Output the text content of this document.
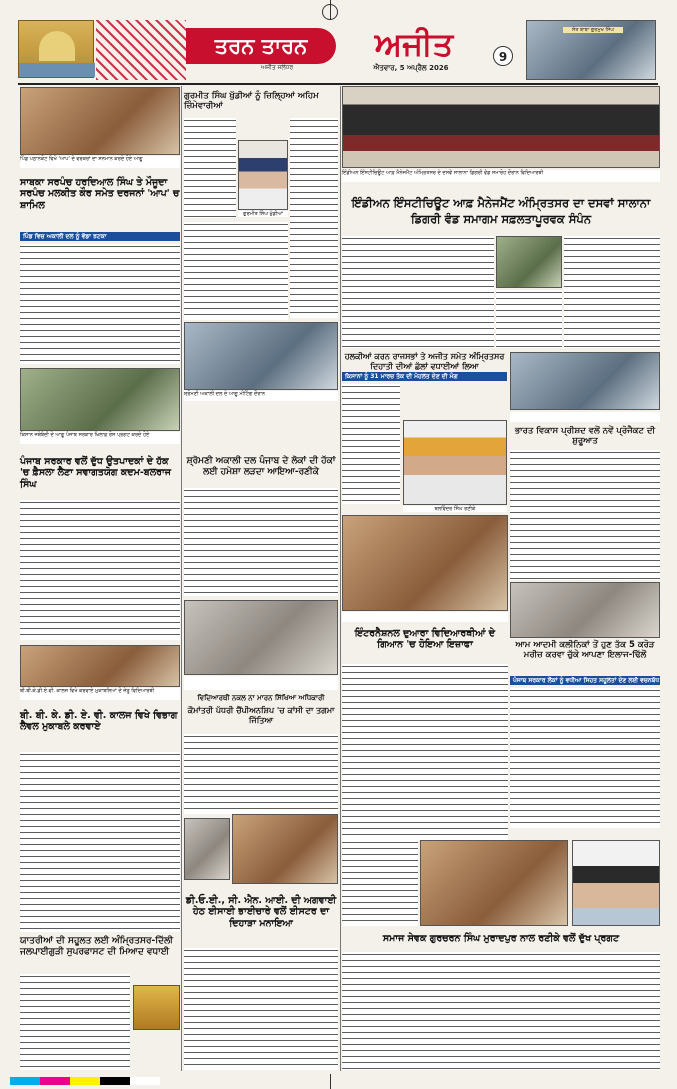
ਤਰਨ ਤਾਰਨ	ਅਜੀਤ
ਅਜੀਤ ਜਲੰਧਰ	ਐਤਵਾਰ, 5 ਅਪ੍ਰੈਲ 2026
9
ਸੰਤ ਬਾਬਾ ਗੁਰਮੁਖ ਸਿੰਘ
ਪਿੰਡ ਪਠਾਨਕੋਟ ਵਿਖੇ 'ਆਪ' ਦੇ ਵਰਕਰਾਂ ਦਾ ਸਨਮਾਨ ਕਰਦੇ ਹੋਏ ਆਗੂ
ਸਾਬਕਾ ਸਰਪੰਚ ਹਰਦਿਆਲ ਸਿੰਘ ਤੇ ਮੌਜੂਦਾ ਸਰਪੰਚ ਮਲਕੀਤ ਕੌਰ ਸਮੇਤ ਦਰਜਨਾਂ 'ਆਪ' ਚ ਸ਼ਾਮਿਲ
ਪਿੰਡ ਵਿਚ ਅਕਾਲੀ ਦਲ ਨੂੰ ਵੱਡਾ ਝਟਕਾ
ਕਿਸਾਨ ਜਥੇਬੰਦੀ ਦੇ ਆਗੂ ਪੰਜਾਬ ਸਰਕਾਰ ਖ਼ਿਲਾਫ਼ ਰੋਸ ਪ੍ਰਗਟ ਕਰਦੇ ਹੋਏ
ਪੰਜਾਬ ਸਰਕਾਰ ਵਲੋਂ ਦੁੱਧ ਉਤਪਾਦਕਾਂ ਦੇ ਹੱਕ 'ਚ ਫ਼ੈਸਲਾ ਲੈਣਾ ਸਵਾਗਤਯੋਗ ਕਦਮ-ਬਲਰਾਜ ਸਿੰਘ
ਬੀ.ਬੀ.ਕੇ.ਡੀ.ਏ.ਵੀ. ਕਾਲਜ ਵਿਖੇ ਕਰਵਾਏ ਮੁਕਾਬਲਿਆਂ ਦੇ ਜੇਤੂ ਵਿਦਿਆਰਥੀ
ਬੀ. ਬੀ. ਕੇ. ਡੀ. ਏ. ਵੀ. ਕਾਲਜ ਵਿਖੇ ਵਿਭਾਗ ਲੈਵਲ ਮੁਕਾਬਲੇ ਕਰਵਾਏ
ਯਾਤਰੀਆਂ ਦੀ ਸਹੂਲਤ ਲਈ ਅੰਮ੍ਰਿਤਸਰ-ਦਿੱਲੀ ਜਲਪਾਈਗੁੜੀ ਸੁਪਰਫਾਸਟ ਦੀ ਮਿਆਦ ਵਧਾਈ
ਗੁਰਮੀਤ ਸਿੰਘ ਖੁੱਡੀਆਂ ਨੂੰ ਜ਼ਿਲ੍ਹਿਆਂ ਅਹਿਮ ਜ਼ਿੰਮੇਵਾਰੀਆਂ
ਗੁਰਮੀਤ ਸਿੰਘ ਖੁੱਡੀਆਂ
ਸ਼੍ਰੋਮਣੀ ਅਕਾਲੀ ਦਲ ਦੇ ਆਗੂ ਮੀਟਿੰਗ ਦੌਰਾਨ
ਸ਼੍ਰੋਮਣੀ ਅਕਾਲੀ ਦਲ ਪੰਜਾਬ ਦੇ ਲੋਕਾਂ ਦੀ ਹੱਕਾਂ ਲਈ ਹਮੇਸ਼ਾ ਲੜਦਾ ਆਇਆ-ਰਣੀਕੇ
ਵਿਦਿਆਰਥੀ ਨਕਲ ਨਾ ਮਾਰਨ ਸਿੱਖਿਆ ਅਧਿਕਾਰੀ
ਕੌਮਾਂਤਰੀ ਪੱਧਰੀ ਚੈਂਪੀਅਨਸ਼ਿਪ 'ਚ ਕਾਂਸੀ ਦਾ ਤਗਮਾ ਜਿੱਤਿਆ
ਡੀ.ਓ.ਈ., ਸੀ. ਐਨ. ਆਈ. ਦੀ ਅਗਵਾਈ ਹੇਠ ਈਸਾਈ ਭਾਈਚਾਰੇ ਵਲੋਂ ਈਸਟਰ ਦਾ ਦਿਹਾੜਾ ਮਨਾਇਆ
ਇੰਡੀਅਨ ਇੰਸਟੀਚਿਊਟ ਆਫ਼ ਮੈਨੇਜਮੈਂਟ ਅੰਮ੍ਰਿਤਸਰ ਦੇ ਦਸਵੇਂ ਸਾਲਾਨਾ ਡਿਗਰੀ ਵੰਡ ਸਮਾਰੋਹ ਦੌਰਾਨ ਵਿਦਿਆਰਥੀ
ਇੰਡੀਅਨ ਇੰਸਟੀਚਿਊਟ ਆਫ਼ ਮੈਨੇਜਮੈਂਟ ਅੰਮ੍ਰਿਤਸਰ ਦਾ ਦਸਵਾਂ ਸਾਲਾਨਾ ਡਿਗਰੀ ਵੰਡ ਸਮਾਗਮ ਸਫ਼ਲਤਾਪੂਰਵਕ ਸੰਪੰਨ
ਹਲਕੀਆਂ ਕਰਨ ਰਾਜਸਭਾਂ ਤੇ ਅਜੀਤ ਸਮੇਤ ਅੰਮ੍ਰਿਤਸਰ ਦਿਹਾਤੀ ਦੀਆਂ ਛੱਲਾਂ ਵਧਾਈਆਂ ਲਿਆ
ਕਿਸਾਨਾਂ ਨੂੰ 31 ਮਾਰਚ ਤੱਕ ਦੀ ਮੋਹਲਤ ਦੇਣ ਦੀ ਮੰਗ
ਬਲਵਿੰਦਰ ਸਿੰਘ ਰਣੀਕੇ
ਭਾਰਤ ਵਿਕਾਸ ਪ੍ਰੀਸ਼ਦ ਵਲੋਂ ਨਵੇਂ ਪ੍ਰੋਜੈਕਟ ਦੀ ਸ਼ੁਰੂਆਤ
ਇੰਟਰਨੈਸ਼ਨਲ ਦੁਆਰਾ ਵਿਦਿਆਰਥੀਆਂ ਦੇ ਗਿਆਨ 'ਚ ਹੋਇਆ ਇਜ਼ਾਫਾ	ਆਮ ਆਦਮੀ ਕਲੀਨਿਕਾਂ ਤੋਂ ਹੁਣ ਤੱਕ 5 ਕਰੋੜ ਮਰੀਜ਼ ਕਰਵਾ ਚੁੱਕੇ ਆਪਣਾ ਇਲਾਜ-ਢਿੱਲੋਂ
ਪੰਜਾਬ ਸਰਕਾਰ ਲੋਕਾਂ ਨੂੰ ਵਧੀਆ ਸਿਹਤ ਸਹੂਲਤਾਂ ਦੇਣ ਲਈ ਵਚਨਬੱਧ
ਸਮਾਜ ਸੇਵਕ ਗੁਰਚਰਨ ਸਿੰਘ ਮੁਰਾਦਪੁਰ ਨਾਲ ਰਣੀਕੇ ਵਲੋਂ ਦੁੱਖ ਪ੍ਰਗਟ
